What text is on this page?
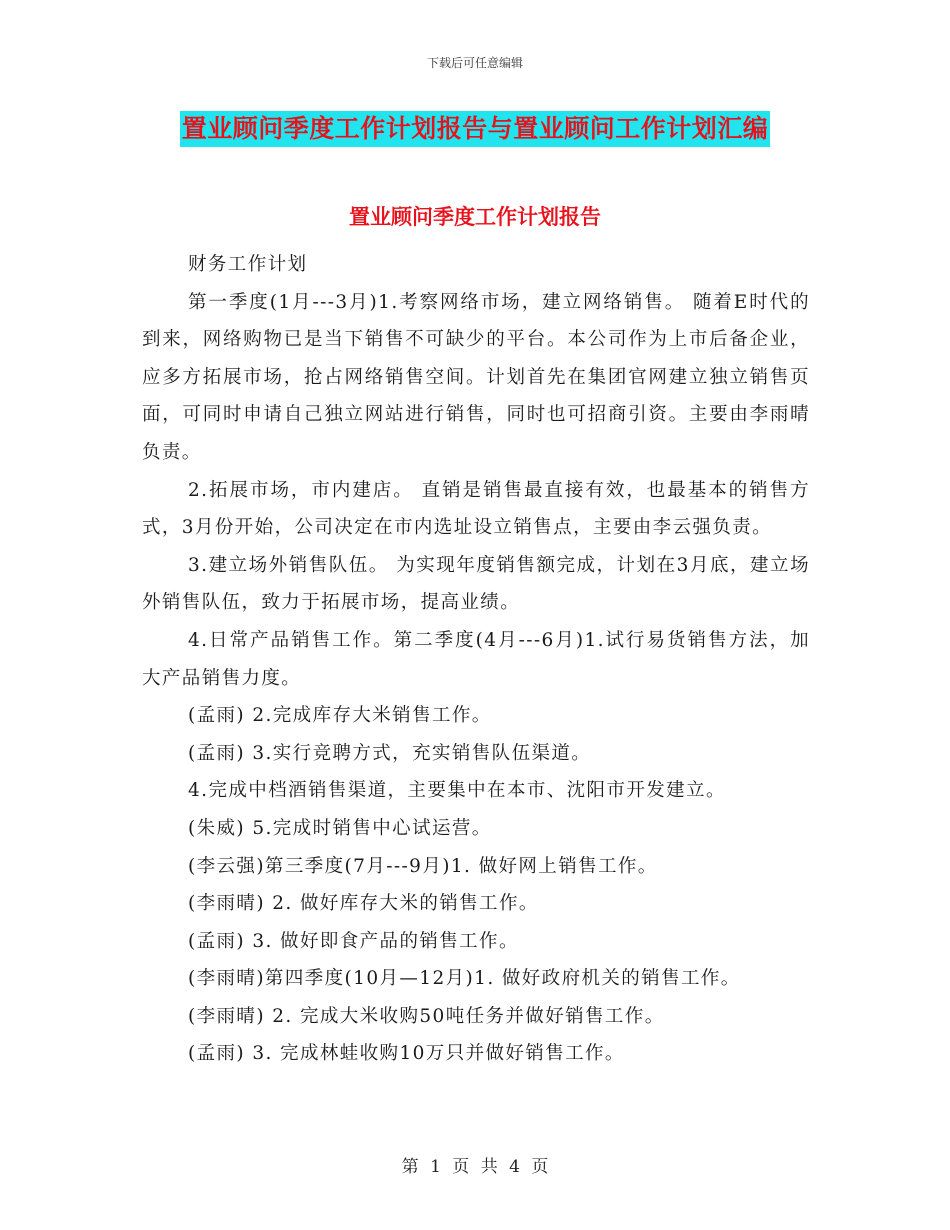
下载后可任意编辑
置业顾问季度工作计划报告与置业顾问工作计划汇编
置业顾问季度工作计划报告

财务工作计划

第一季度(1月---3月)1.考察网络市场，建立网络销售。 随着E时代的到来，网络购物已是当下销售不可缺少的平台。本公司作为上市后备企业，应多方拓展市场，抢占网络销售空间。计划首先在集团官网建立独立销售页面，可同时申请自己独立网站进行销售，同时也可招商引资。主要由李雨晴负责。

2.拓展市场，市内建店。 直销是销售最直接有效，也最基本的销售方式，3月份开始，公司决定在市内选址设立销售点，主要由李云强负责。

3.建立场外销售队伍。 为实现年度销售额完成，计划在3月底，建立场外销售队伍，致力于拓展市场，提高业绩。

4.日常产品销售工作。第二季度(4月---6月)1.试行易货销售方法，加大产品销售力度。

(孟雨) 2.完成库存大米销售工作。

(孟雨) 3.实行竞聘方式，充实销售队伍渠道。

4.完成中档酒销售渠道，主要集中在本市、沈阳市开发建立。

(朱威) 5.完成时销售中心试运营。

(李云强)第三季度(7月---9月)1. 做好网上销售工作。

(李雨晴) 2. 做好库存大米的销售工作。

(孟雨) 3. 做好即食产品的销售工作。

(李雨晴)第四季度(10月—12月)1. 做好政府机关的销售工作。

(李雨晴) 2. 完成大米收购50吨任务并做好销售工作。

(孟雨) 3. 完成林蛙收购10万只并做好销售工作。

第 1 页 共 4 页
